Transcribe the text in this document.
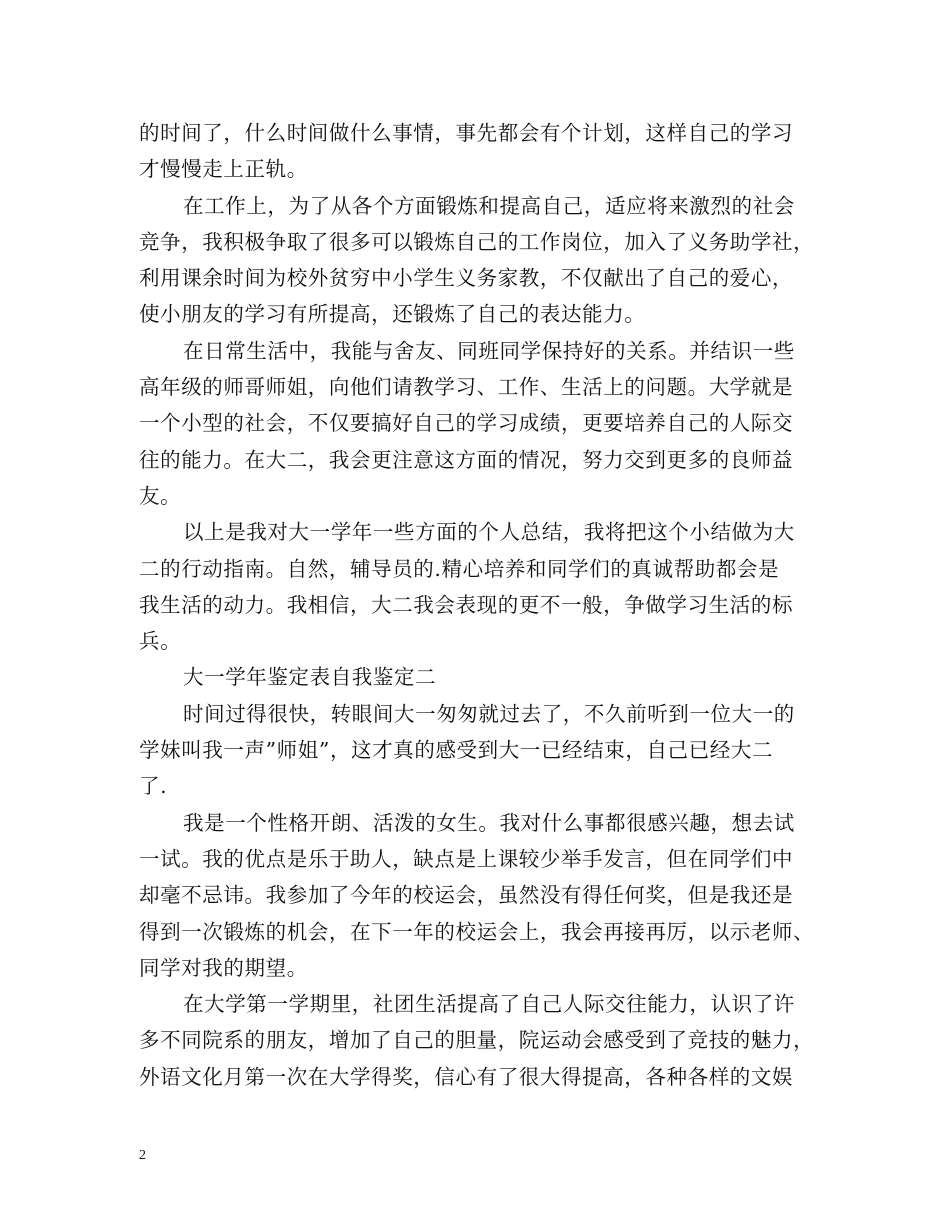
的时间了，什么时间做什么事情，事先都会有个计划，这样自己的学习
才慢慢走上正轨。
在工作上，为了从各个方面锻炼和提高自己，适应将来激烈的社会
竞争，我积极争取了很多可以锻炼自己的工作岗位，加入了义务助学社，
利用课余时间为校外贫穷中小学生义务家教，不仅献出了自己的爱心，
使小朋友的学习有所提高，还锻炼了自己的表达能力。
在日常生活中，我能与舍友、同班同学保持好的关系。并结识一些
高年级的师哥师姐，向他们请教学习、工作、生活上的问题。大学就是
一个小型的社会，不仅要搞好自己的学习成绩，更要培养自己的人际交
往的能力。在大二，我会更注意这方面的情况，努力交到更多的良师益
友。
以上是我对大一学年一些方面的个人总结，我将把这个小结做为大
二的行动指南。自然，辅导员的.精心培养和同学们的真诚帮助都会是
我生活的动力。我相信，大二我会表现的更不一般，争做学习生活的标
兵。
大一学年鉴定表自我鉴定二
时间过得很快，转眼间大一匆匆就过去了，不久前听到一位大一的
学妹叫我一声”师姐”，这才真的感受到大一已经结束，自己已经大二
了.
我是一个性格开朗、活泼的女生。我对什么事都很感兴趣，想去试
一试。我的优点是乐于助人，缺点是上课较少举手发言，但在同学们中
却毫不忌讳。我参加了今年的校运会，虽然没有得任何奖，但是我还是
得到一次锻炼的机会，在下一年的校运会上，我会再接再厉，以示老师、
同学对我的期望。
在大学第一学期里，社团生活提高了自己人际交往能力，认识了许
多不同院系的朋友，增加了自己的胆量，院运动会感受到了竞技的魅力，
外语文化月第一次在大学得奖，信心有了很大得提高，各种各样的文娱
2
